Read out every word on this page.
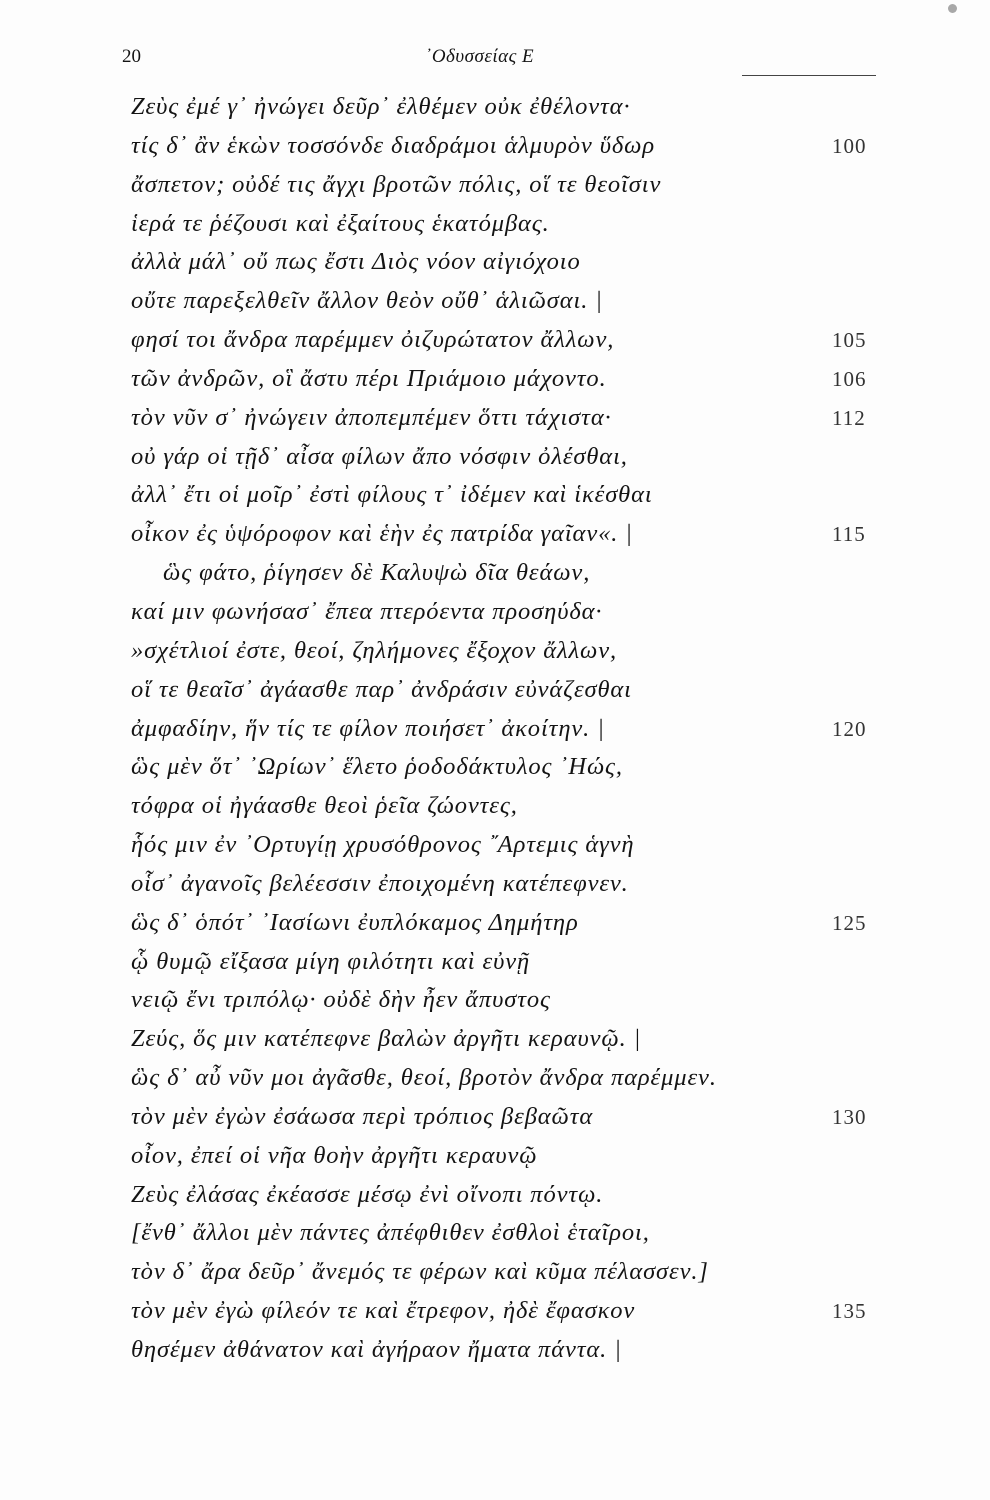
20	᾿Οδυσσείας Ε
Ζεὺς ἐμέ γ᾿ ἠνώγει δεῦρ᾿ ἐλθέμεν οὐκ ἐθέλοντα·
τίς δ᾿ ἂν ἑκὼν τοσσόνδε διαδράμοι ἁλμυρὸν ὕδωρ	100
ἄσπετον; οὐδέ τις ἄγχι βροτῶν πόλις, οἵ τε θεοῖσιν
ἱερά τε ῥέζουσι καὶ ἐξαίτους ἑκατόμβας.
ἀλλὰ μάλ᾿ οὔ πως ἔστι Διὸς νόον αἰγιόχοιο
οὔτε παρεξελθεῖν ἄλλον θεὸν οὔθ᾿ ἁλιῶσαι. |
φησί τοι ἄνδρα παρέμμεν ὀιζυρώτατον ἄλλων,	105
τῶν ἀνδρῶν, οἳ ἄστυ πέρι Πριάμοιο μάχοντο.	106
τὸν νῦν σ᾿ ἠνώγειν ἀποπεμπέμεν ὅττι τάχιστα·	112
οὐ γάρ οἱ τῇδ᾿ αἶσα φίλων ἄπο νόσφιν ὀλέσθαι,
ἀλλ᾿ ἔτι οἱ μοῖρ᾿ ἐστὶ φίλους τ᾿ ἰδέμεν καὶ ἱκέσθαι
οἶκον ἐς ὑψόροφον καὶ ἑὴν ἐς πατρίδα γαῖαν«. |	115
ὣς φάτο, ῥίγησεν δὲ Καλυψὼ δῖα θεάων,
καί μιν φωνήσασ᾿ ἔπεα πτερόεντα προσηύδα·
»σχέτλιοί ἐστε, θεοί, ζηλήμονες ἔξοχον ἄλλων,
οἵ τε θεαῖσ᾿ ἀγάασθε παρ᾿ ἀνδράσιν εὐνάζεσθαι
ἀμφαδίην, ἥν τίς τε φίλον ποιήσετ᾿ ἀκοίτην. |	120
ὣς μὲν ὅτ᾿ ᾿Ωρίων᾿ ἕλετο ῥοδοδάκτυλος ᾿Ηώς,
τόφρα οἱ ἠγάασθε θεοὶ ῥεῖα ζώοντες,
ἧός μιν ἐν ᾿Ορτυγίῃ χρυσόθρονος ῎Αρτεμις ἁγνὴ
οἷσ᾿ ἀγανοῖς βελέεσσιν ἐποιχομένη κατέπεφνεν.
ὣς δ᾿ ὁπότ᾿ ᾿Ιασίωνι ἐυπλόκαμος Δημήτηρ	125
ᾧ θυμῷ εἴξασα μίγη φιλότητι καὶ εὐνῇ
νειῷ ἔνι τριπόλῳ· οὐδὲ δὴν ἦεν ἄπυστος
Ζεύς, ὅς μιν κατέπεφνε βαλὼν ἀργῆτι κεραυνῷ. |
ὣς δ᾿ αὖ νῦν μοι ἀγᾶσθε, θεοί, βροτὸν ἄνδρα παρέμμεν.
τὸν μὲν ἐγὼν ἐσάωσα περὶ τρόπιος βεβαῶτα	130
οἶον, ἐπεί οἱ νῆα θοὴν ἀργῆτι κεραυνῷ
Ζεὺς ἐλάσας ἐκέασσε μέσῳ ἐνὶ οἴνοπι πόντῳ.
[ἔνθ᾿ ἄλλοι μὲν πάντες ἀπέφθιθεν ἐσθλοὶ ἑταῖροι,
τὸν δ᾿ ἄρα δεῦρ᾿ ἄνεμός τε φέρων καὶ κῦμα πέλασσεν.]
τὸν μὲν ἐγὼ φίλεόν τε καὶ ἔτρεφον, ἠδὲ ἔφασκον	135
θησέμεν ἀθάνατον καὶ ἀγήραον ἤματα πάντα. |
